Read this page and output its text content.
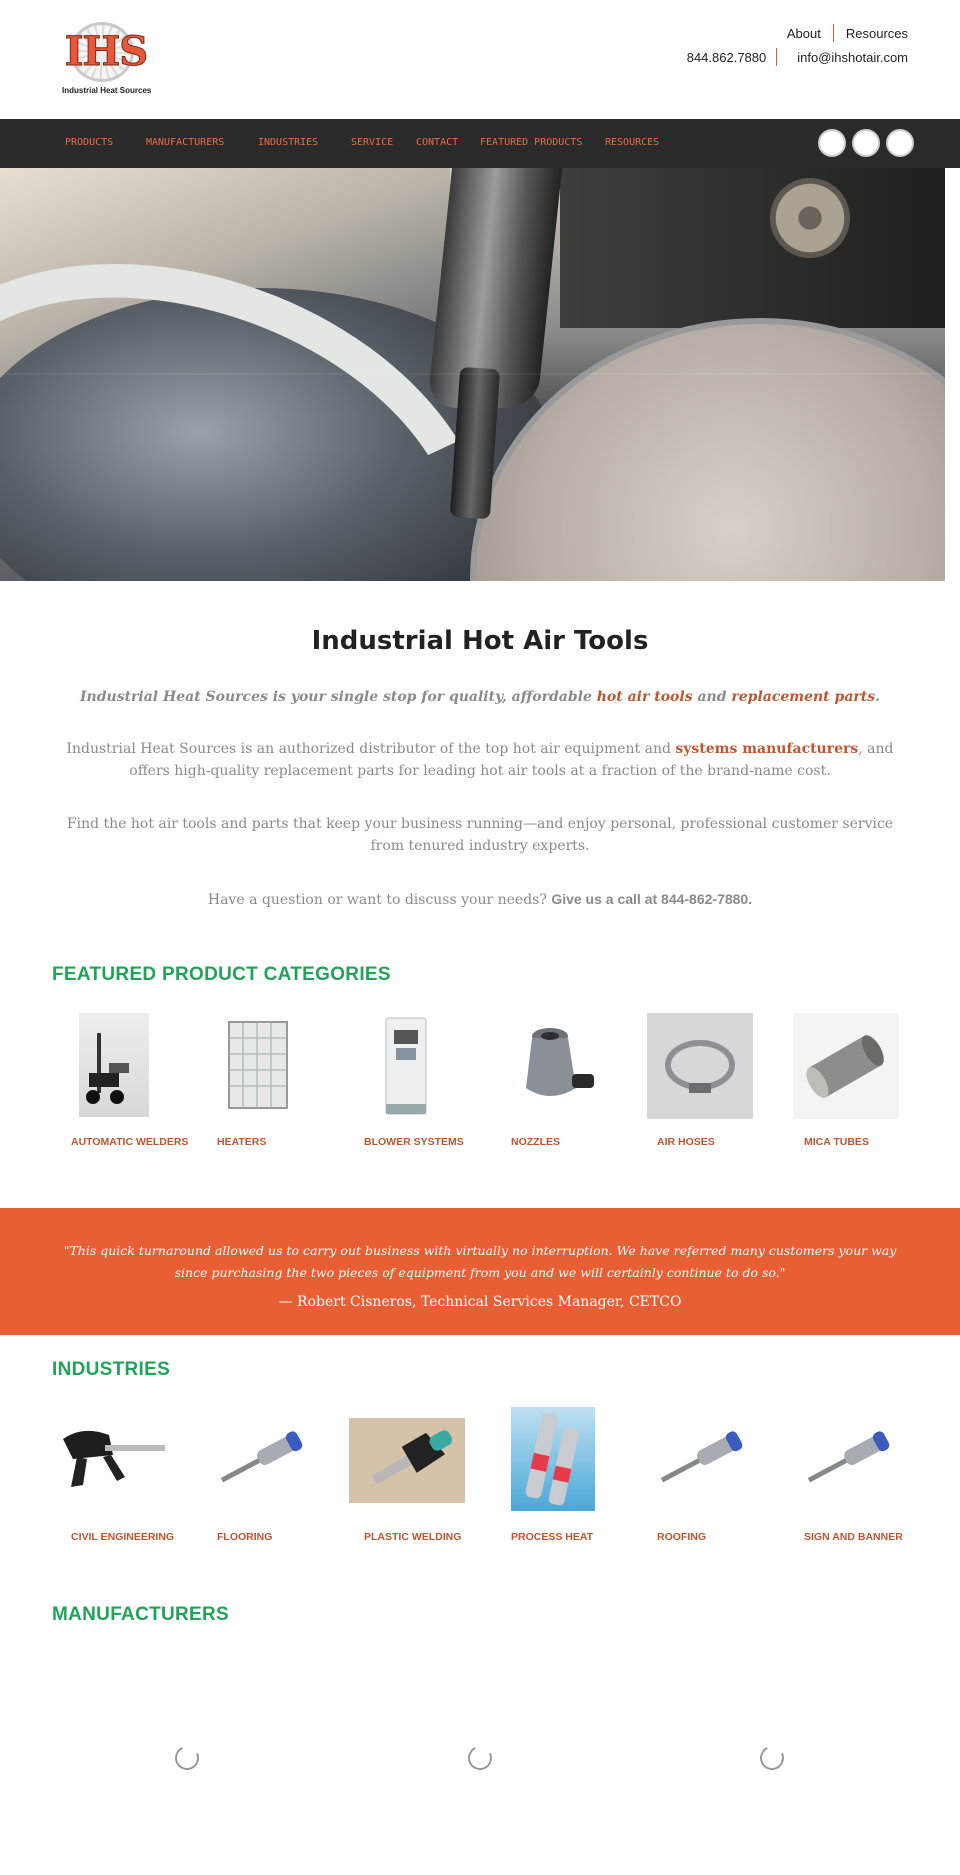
IHS
Industrial Heat Sources
About Resources
844.862.7880 info@ihshotair.com
PRODUCTS	MANUFACTURERS	INDUSTRIES	SERVICE CONTACT FEATURED PRODUCTS RESOURCES
Industrial Hot Air Tools

Industrial Heat Sources is your single stop for quality, affordable hot air tools and replacement parts.

Industrial Heat Sources is an authorized distributor of the top hot air equipment and systems manufacturers, and offers high-quality replacement parts for leading hot air tools at a fraction of the brand-name cost.

Find the hot air tools and parts that keep your business running—and enjoy personal, professional customer service from tenured industry experts.

Have a question or want to discuss your needs? Give us a call at 844-862-7880.

FEATURED PRODUCT CATEGORIES
AUTOMATIC WELDERS	HEATERS	BLOWER SYSTEMS	NOZZLES	AIR HOSES	MICA TUBES

"This quick turnaround allowed us to carry out business with virtually no interruption. We have referred many customers your way since purchasing the two pieces of equipment from you and we will certainly continue to do so."

— Robert Cisneros, Technical Services Manager, CETCO

INDUSTRIES
CIVIL ENGINEERING	FLOORING	PLASTIC WELDING	PROCESS HEAT	ROOFING	SIGN AND BANNER
MANUFACTURERS
